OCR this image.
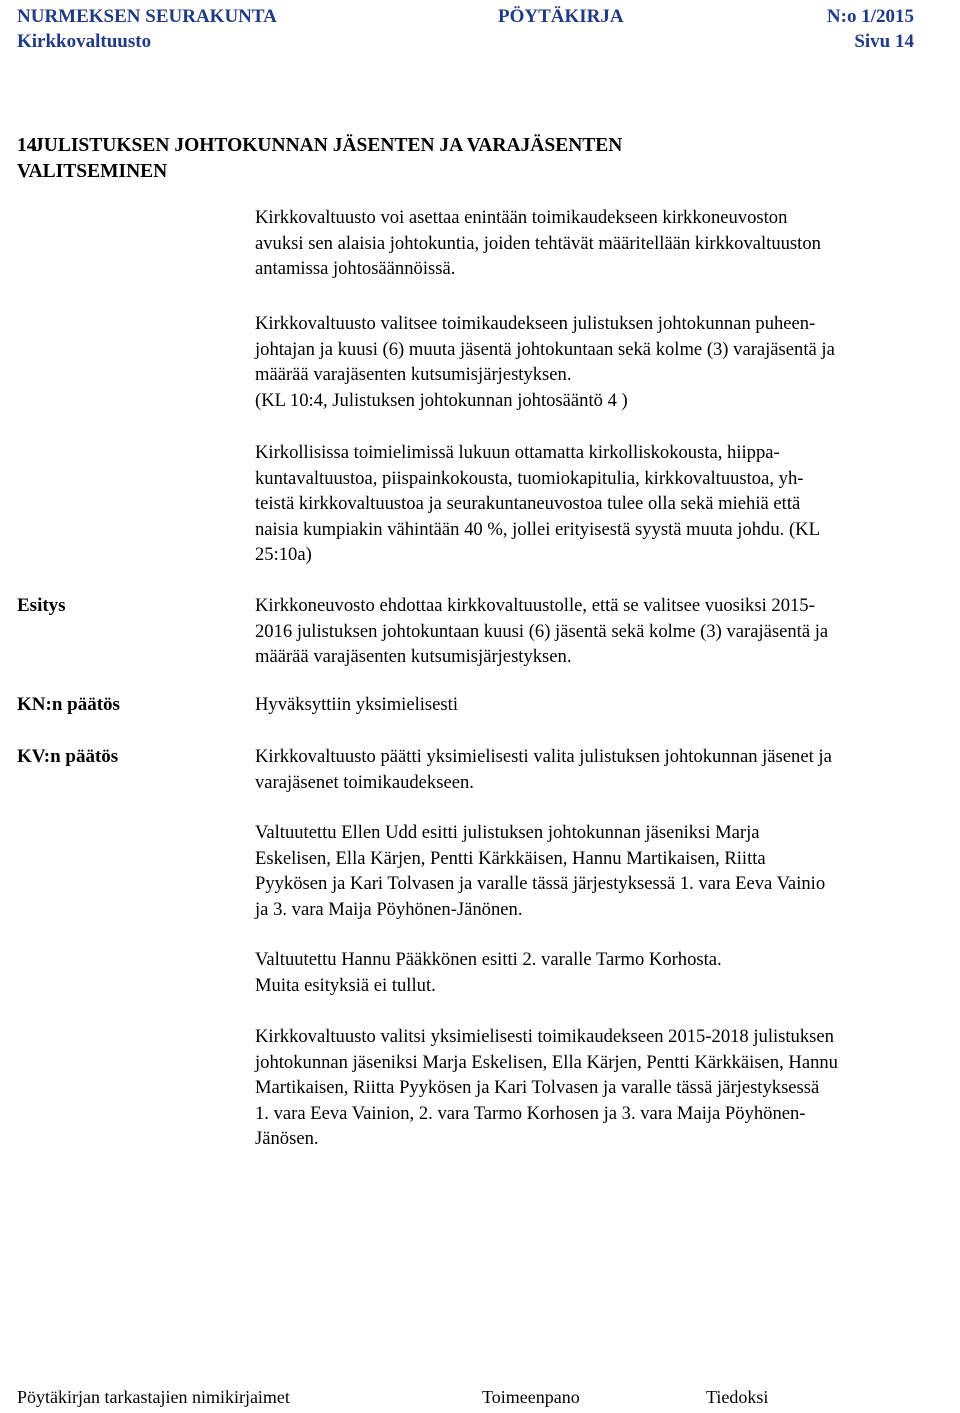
NURMEKSEN SEURAKUNTA	PÖYTÄKIRJA	N:o 1/2015
Kirkkovaltuusto	Sivu 14
14
JULISTUKSEN JOHTOKUNNAN JÄSENTEN JA VARAJÄSENTEN
VALITSEMINEN
Kirkkovaltuusto voi asettaa enintään toimikaudekseen kirkkoneuvoston
avuksi sen alaisia johtokuntia, joiden tehtävät määritellään kirkkovaltuuston
antamissa johtosäännöissä.
Kirkkovaltuusto valitsee toimikaudekseen julistuksen johtokunnan puheen-
johtajan ja kuusi (6) muuta jäsentä johtokuntaan sekä kolme (3) varajäsentä ja
määrää varajäsenten kutsumisjärjestyksen.
(KL 10:4, Julistuksen johtokunnan johtosääntö 4 )
Kirkollisissa toimielimissä lukuun ottamatta kirkolliskokousta, hiippa-
kuntavaltuustoa, piispainkokousta, tuomiokapitulia, kirkkovaltuustoa, yh-
teistä kirkkovaltuustoa ja seurakuntaneuvostoa tulee olla sekä miehiä että
naisia kumpiakin vähintään 40 %, jollei erityisestä syystä muuta johdu. (KL
25:10a)
Esitys	Kirkkoneuvosto ehdottaa kirkkovaltuustolle, että se valitsee vuosiksi 2015-
2016 julistuksen johtokuntaan kuusi (6) jäsentä sekä kolme (3) varajäsentä ja
määrää varajäsenten kutsumisjärjestyksen.
KN:n päätös	Hyväksyttiin yksimielisesti
KV:n päätös	Kirkkovaltuusto päätti yksimielisesti valita julistuksen johtokunnan jäsenet ja
varajäsenet toimikaudekseen.
Valtuutettu Ellen Udd esitti julistuksen johtokunnan jäseniksi Marja
Eskelisen, Ella Kärjen, Pentti Kärkkäisen, Hannu Martikaisen, Riitta
Pyykösen ja Kari Tolvasen ja varalle tässä järjestyksessä 1. vara Eeva Vainio
ja 3. vara Maija Pöyhönen-Jänönen.
Valtuutettu Hannu Pääkkönen esitti 2. varalle Tarmo Korhosta.
Muita esityksiä ei tullut.
Kirkkovaltuusto valitsi yksimielisesti toimikaudekseen 2015-2018 julistuksen
johtokunnan jäseniksi Marja Eskelisen, Ella Kärjen, Pentti Kärkkäisen, Hannu
Martikaisen, Riitta Pyykösen ja Kari Tolvasen ja varalle tässä järjestyksessä
1. vara Eeva Vainion, 2. vara Tarmo Korhosen ja 3. vara Maija Pöyhönen-
Jänösen.
Pöytäkirjan tarkastajien nimikirjaimet	Toimeenpano	Tiedoksi
